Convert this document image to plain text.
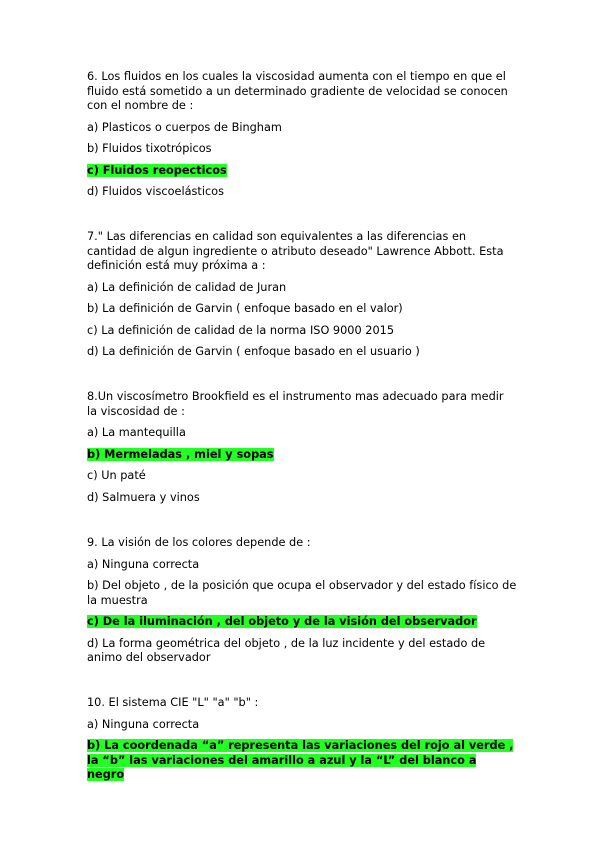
6. Los fluidos en los cuales la viscosidad aumenta con el tiempo en que el fluido está sometido a un determinado gradiente de velocidad se conocen con el nombre de :
a) Plasticos o cuerpos de Bingham
b) Fluidos tixotrópicos
c) Fluidos reopecticos
d) Fluidos viscoelásticos
7." Las diferencias en calidad son equivalentes a las diferencias en cantidad de algun ingrediente o atributo deseado" Lawrence Abbott. Esta definición está muy próxima a :
a) La definición de calidad de Juran
b) La definición de Garvin ( enfoque basado en el valor)
c) La definición de calidad de la norma ISO 9000 2015
d) La definición de Garvin ( enfoque basado en el usuario )
8.Un viscosímetro Brookfield es el instrumento mas adecuado para medir la viscosidad de :
a) La mantequilla
b) Mermeladas , miel y sopas
c) Un paté
d) Salmuera y vinos
9. La visión de los colores depende de :
a) Ninguna correcta
b) Del objeto , de la posición que ocupa el observador y del estado físico de la muestra
c) De la iluminación , del objeto y de la visión del observador
d) La forma geométrica del objeto , de la luz incidente y del estado de animo del observador
10. El sistema CIE "L" "a" "b" :
a) Ninguna correcta
b) La coordenada “a” representa las variaciones del rojo al verde , la “b” las variaciones del amarillo a azul y la “L” del blanco a negro
